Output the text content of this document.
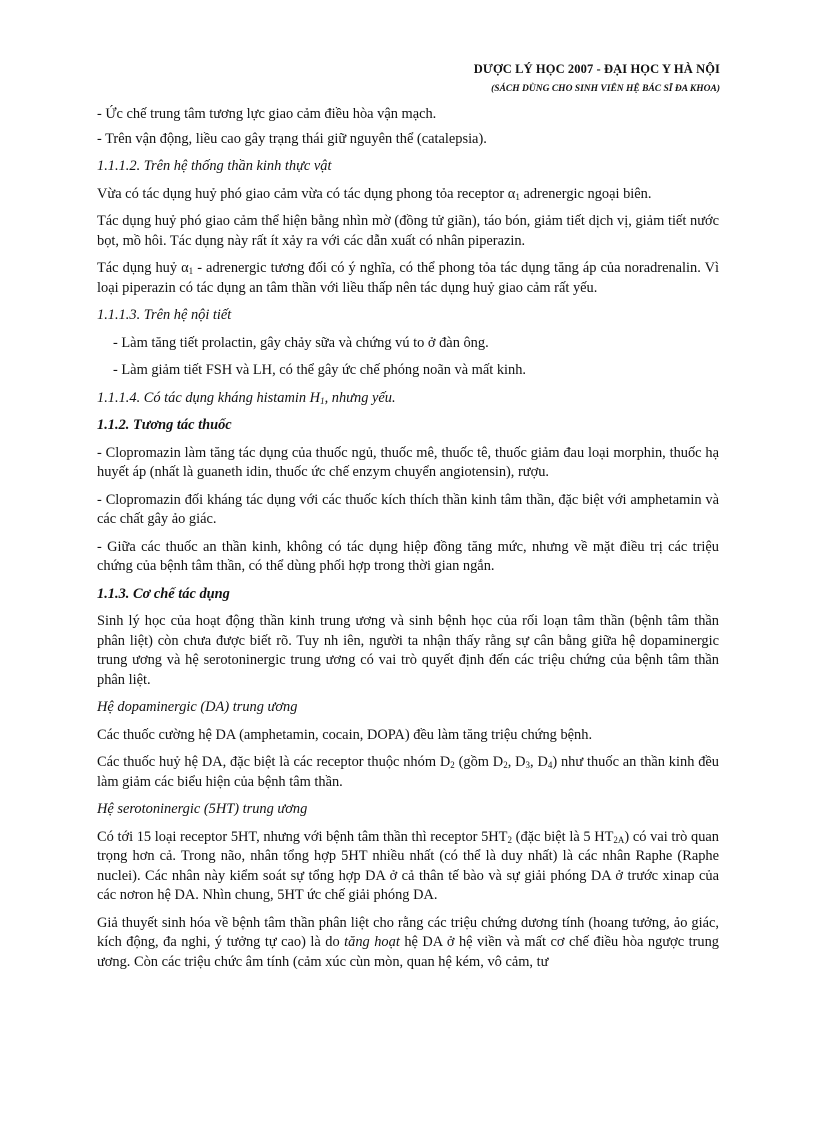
DƯỢC LÝ HỌC 2007 - ĐẠI HỌC Y HÀ NỘI
(SÁCH DÙNG CHO SINH VIÊN HỆ BÁC SĨ ĐA KHOA)

- Ức chế trung tâm tương lực giao cảm điều hòa vận mạch.

- Trên vận động, liều cao gây trạng thái giữ nguyên thể (catalepsia).

1.1.1.2. Trên hệ thống thần kinh thực vật

Vừa có tác dụng huỷ phó giao cảm vừa có tác dụng phong tỏa receptor $\alpha_1$ adrenergic ngoại biên.

Tác dụng huỷ phó giao cảm thể hiện bằng nhìn mờ (đồng tử giãn), táo bón, giảm tiết dịch vị, giảm tiết nước bọt, mồ hôi. Tác dụng này rất ít xảy ra với các dẫn xuất có nhân piperazin.

Tác dụng huỷ $\alpha_1$ - adrenergic tương đối có ý nghĩa, có thể phong tỏa tác dụng tăng áp của noradrenalin. Vì loại piperazin có tác dụng an tâm thần với liều thấp nên tác dụng huỷ giao cảm rất yếu.

1.1.1.3. Trên hệ nội tiết

- Làm tăng tiết prolactin, gây chảy sữa và chứng vú to ở đàn ông.

- Làm giảm tiết FSH và LH, có thể gây ức chế phóng noãn và mất kinh.

1.1.1.4. Có tác dụng kháng histamin $H_1$, nhưng yếu.

1.1.2. Tương tác thuốc

- Clopromazin làm tăng tác dụng của thuốc ngủ, thuốc mê, thuốc tê, thuốc giảm đau loại morphin, thuốc hạ huyết áp (nhất là guaneth idin, thuốc ức chế enzym chuyển angiotensin), rượu.

- Clopromazin đối kháng tác dụng với các thuốc kích thích thần kinh tâm thần, đặc biệt với amphetamin và các chất gây ảo giác.

- Giữa các thuốc an thần kinh, không có tác dụng hiệp đồng tăng mức, nhưng về mặt điều trị các triệu chứng của bệnh tâm thần, có thể dùng phối hợp trong thời gian ngắn.

1.1.3. Cơ chế tác dụng

Sinh lý học của hoạt động thần kinh trung ương và sinh bệnh học của rối loạn tâm thần (bệnh tâm thần phân liệt) còn chưa được biết rõ. Tuy nh iên, người ta nhận thấy rằng sự cân bằng giữa hệ dopaminergic trung ương và hệ serotoninergic trung ương có vai trò quyết định đến các triệu chứng của bệnh tâm thần phân liệt.

Hệ dopaminergic (DA) trung ương

Các thuốc cường hệ DA (amphetamin, cocain, DOPA) đều làm tăng triệu chứng bệnh.

Các thuốc huỷ hệ DA, đặc biệt là các receptor thuộc nhóm $D_2$ (gồm $D_2$, $D_3$, $D_4$) như thuốc an thần kinh đều làm giảm các biểu hiện của bệnh tâm thần.

Hệ serotoninergic (5HT) trung ương

Có tới 15 loại receptor 5HT, nhưng với bệnh tâm thần thì receptor $5HT_2$ (đặc biệt là 5 $HT_{2A}$) có vai trò quan trọng hơn cả. Trong não, nhân tổng hợp 5HT nhiều nhất (có thể là duy nhất) là các nhân Raphe (Raphe nuclei). Các nhân này kiểm soát sự tổng hợp DA ở cả thân tế bào và sự giải phóng DA ở trước xinap của các nơron hệ DA. Nhìn chung, 5HT ức chế giải phóng DA.

Giả thuyết sinh hóa về bệnh tâm thần phân liệt cho rằng các triệu chứng dương tính (hoang tưởng, ảo giác, kích động, đa nghi, ý tưởng tự cao) là do tăng hoạt hệ DA ở hệ viền và mất cơ chế điều hòa ngược trung ương. Còn các triệu chức âm tính (cảm xúc cùn mòn, quan hệ kém, vô cảm, tư
